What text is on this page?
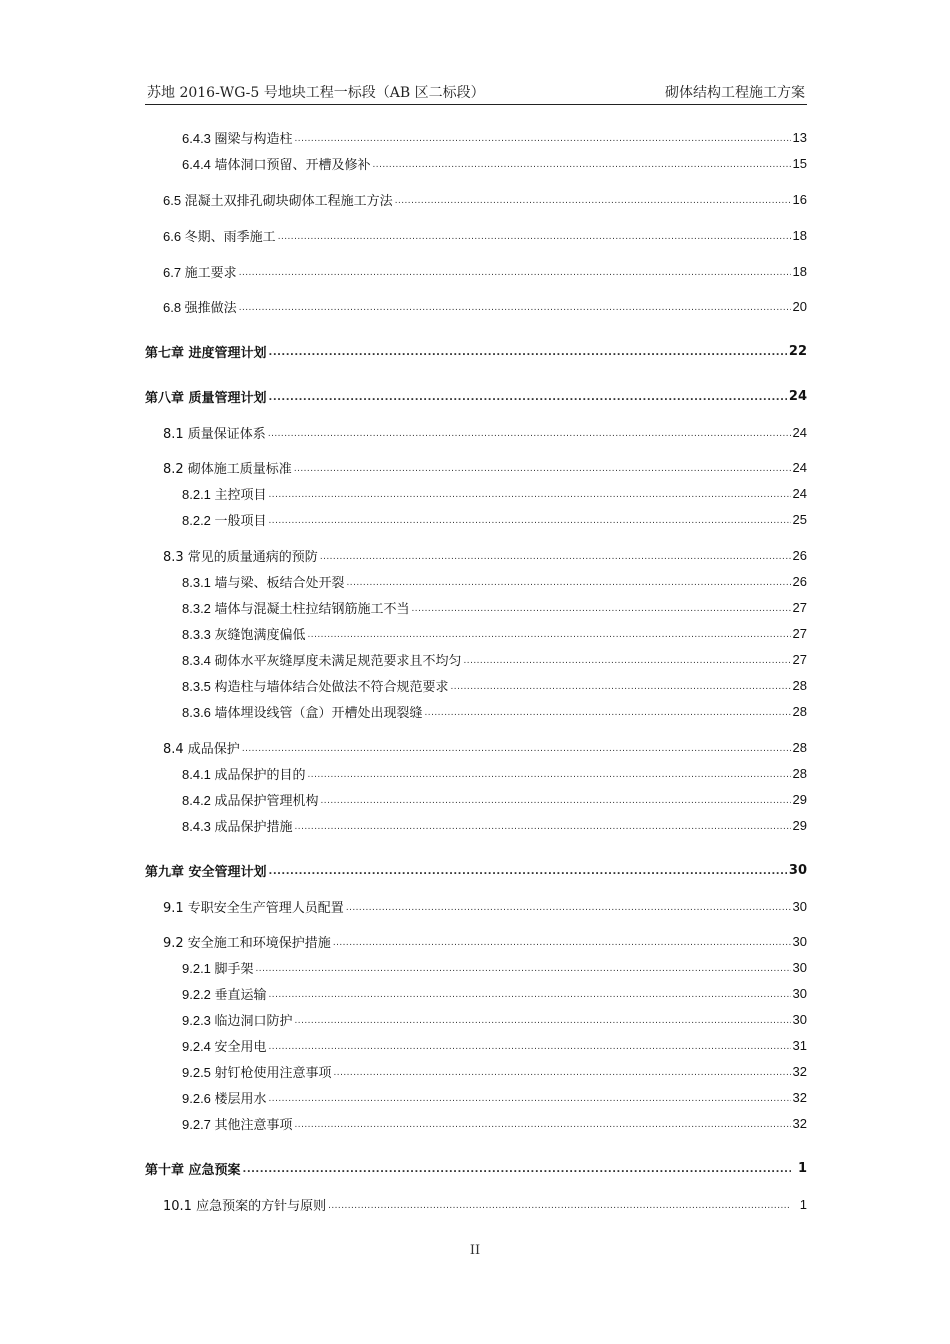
苏地 2016-WG-5 号地块工程一标段（AB 区二标段）	砌体结构工程施工方案
6.4.3 圈梁与构造柱 .....	13
6.4.4 墙体洞口预留、开槽及修补 .....	15
6.5 混凝土双排孔砌块砌体工程施工方法 .....	16
6.6 冬期、雨季施工 .....	18
6.7 施工要求 .....	18
6.8 强推做法 .....	20
第七章 进度管理计划 .....	22
第八章 质量管理计划 .....	24
8.1 质量保证体系 .....	24
8.2 砌体施工质量标准 .....	24
8.2.1 主控项目 .....	24
8.2.2 一般项目 .....	25
8.3 常见的质量通病的预防 .....	26
8.3.1 墙与梁、板结合处开裂 .....	26
8.3.2 墙体与混凝土柱拉结钢筋施工不当 .....	27
8.3.3 灰缝饱满度偏低 .....	27
8.3.4 砌体水平灰缝厚度未满足规范要求且不均匀 .....	27
8.3.5 构造柱与墙体结合处做法不符合规范要求 .....	28
8.3.6 墙体埋设线管（盒）开槽处出现裂缝 .....	28
8.4 成品保护 .....	28
8.4.1 成品保护的目的 .....	28
8.4.2 成品保护管理机构 .....	29
8.4.3 成品保护措施 .....	29
第九章 安全管理计划 .....	30
9.1 专职安全生产管理人员配置 .....	30
9.2 安全施工和环境保护措施 .....	30
9.2.1 脚手架 .....	30
9.2.2 垂直运输 .....	30
9.2.3 临边洞口防护 .....	30
9.2.4 安全用电 .....	31
9.2.5 射钉枪使用注意事项 .....	32
9.2.6 楼层用水 .....	32
9.2.7 其他注意事项 .....	32
第十章 应急预案 .....	1
10.1 应急预案的方针与原则 .....	1
II
